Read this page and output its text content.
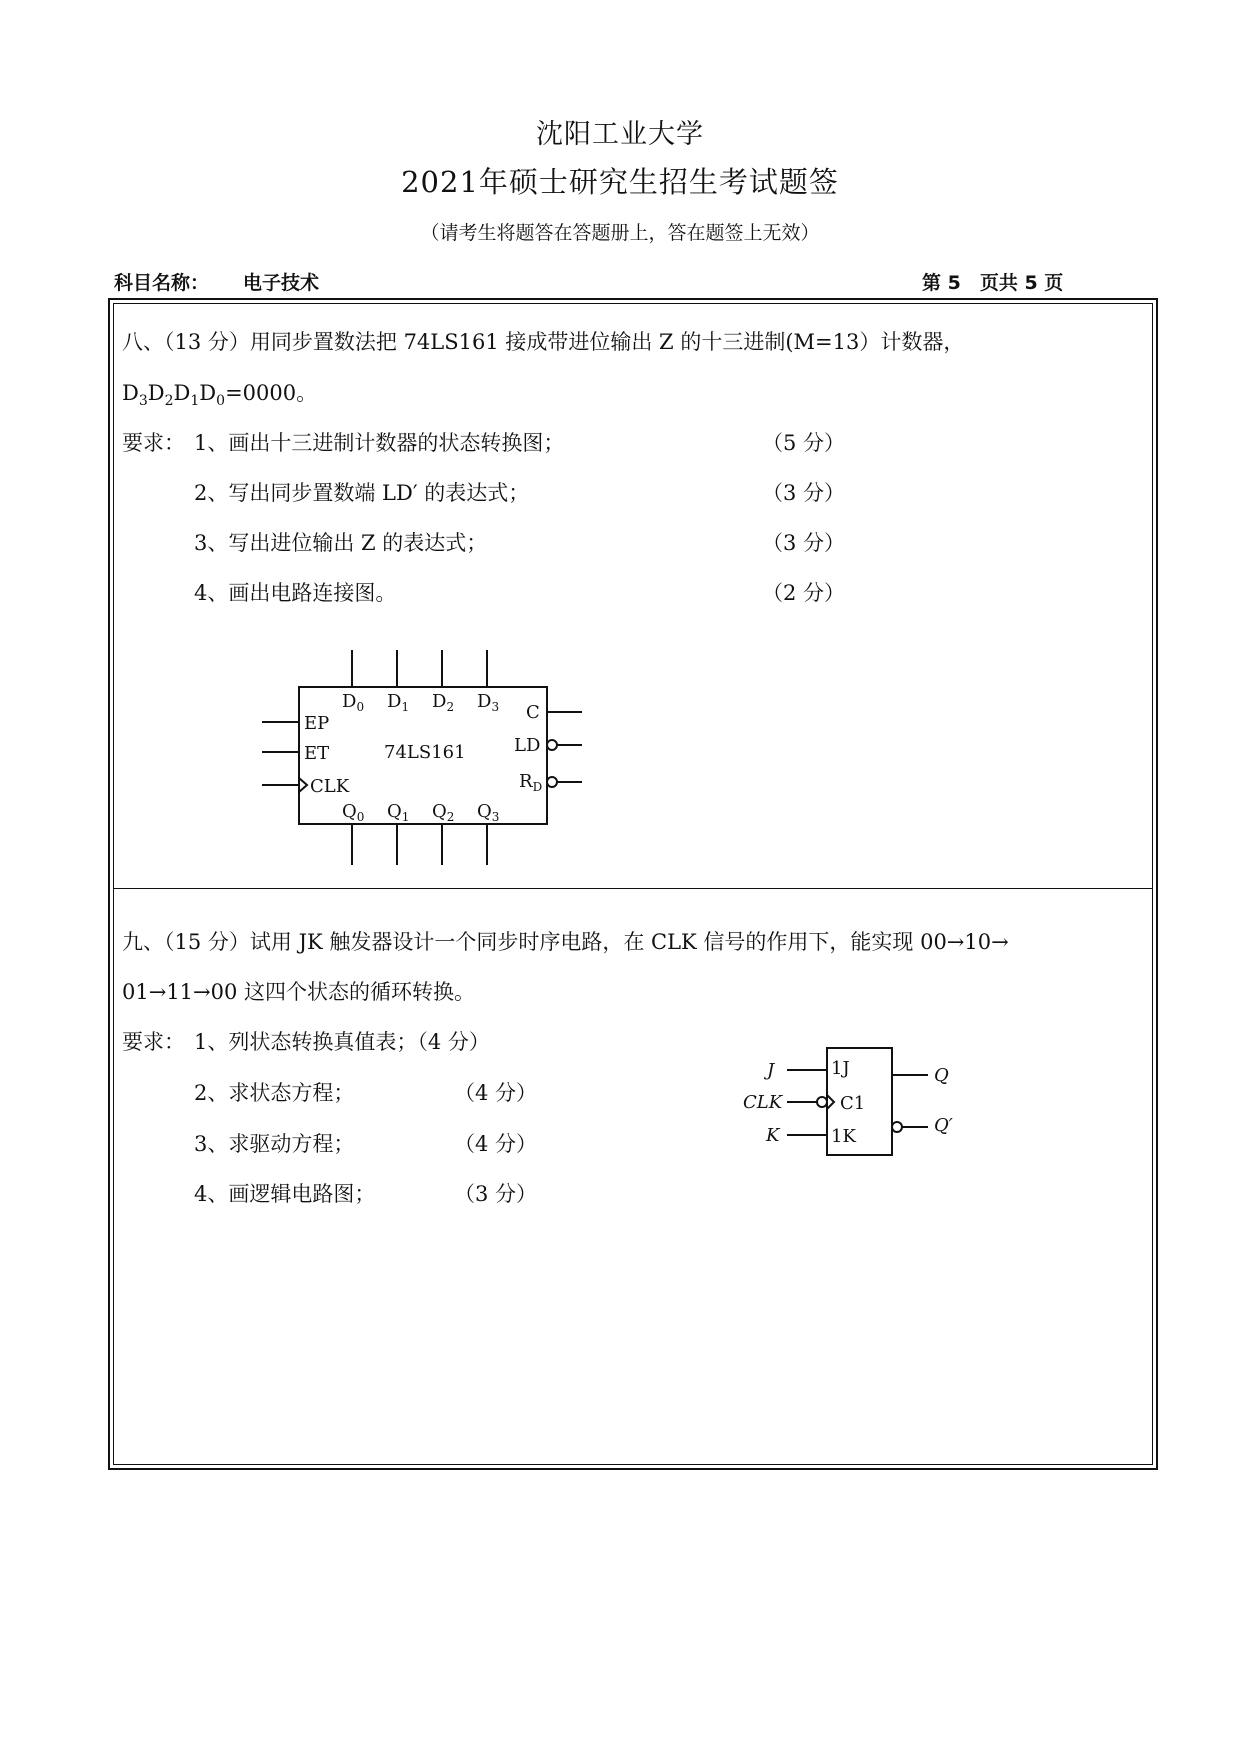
沈阳工业大学
2021年硕士研究生招生考试题签
（请考生将题答在答题册上，答在题签上无效）
科目名称： 电子技术	第 5　页共 5 页
八、（13 分）用同步置数法把 74LS161 接成带进位输出 Z 的十三进制(M=13）计数器，
$D_3D_2D_1D_0=0000$。
要求： 1、画出十三进制计数器的状态转换图；	（5 分）
2、写出同步置数端 LD′ 的表达式；	（3 分）
3、写出进位输出 Z 的表达式；	（3 分）
4、画出电路连接图。	（2 分）
$D_0$ $D_1$ $D_2$ $D_3$
EP
ET
CLK
74LS161
C
LD
$R_D$
$Q_0$ $Q_1$ $Q_2$ $Q_3$
九、（15 分）试用 JK 触发器设计一个同步时序电路，在 CLK 信号的作用下，能实现 00→10→
01→11→00 这四个状态的循环转换。
要求： 1、列状态转换真值表；（4 分）
2、求状态方程；	（4 分）
3、求驱动方程；	（4 分）
4、画逻辑电路图；	（3 分）
J
CLK
K
1J
C1
1K
Q
Q′
